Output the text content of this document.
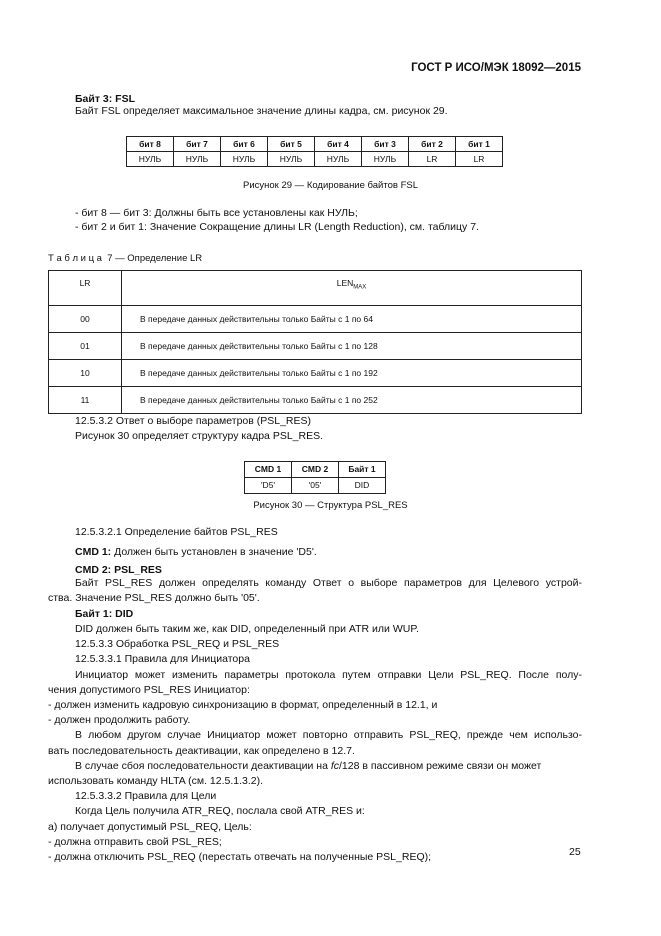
ГОСТ Р ИСО/МЭК 18092—2015
Байт 3: FSL
Байт FSL определяет максимальное значение длины кадра, см. рисунок 29.
бит 8	бит 7	бит 6	бит 5	бит 4	бит 3	бит 2	бит 1
НУЛЬ	НУЛЬ	НУЛЬ	НУЛЬ	НУЛЬ	НУЛЬ	LR	LR
Рисунок 29 — Кодирование байтов FSL
- бит 8 — бит 3: Должны быть все установлены как НУЛЬ;
- бит 2 и бит 1: Значение Сокращение длины LR (Length Reduction), см. таблицу 7.
Т а б л и ц а  7 — Определение LR
LR	$LEN_{MAX}$
00	В передаче данных действительны только Байты с 1 по 64
01	В передаче данных действительны только Байты с 1 по 128
10	В передаче данных действительны только Байты с 1 по 192
11	В передаче данных действительны только Байты с 1 по 252
12.5.3.2 Ответ о выборе параметров (PSL_RES)
Рисунок 30 определяет структуру кадра PSL_RES.
CMD 1	CMD 2	Байт 1
'D5'	'05'	DID
Рисунок 30 — Структура PSL_RES
12.5.3.2.1 Определение байтов PSL_RES
CMD 1: Должен быть установлен в значение 'D5'.
CMD 2: PSL_RES
Байт PSL_RES должен определять команду Ответ о выборе параметров для Целевого устрой-
ства. Значение PSL_RES должно быть '05'.
Байт 1: DID
DID должен быть таким же, как DID, определенный при ATR или WUP.
12.5.3.3 Обработка PSL_REQ и PSL_RES
12.5.3.3.1 Правила для Инициатора
Инициатор может изменить параметры протокола путем отправки Цели PSL_REQ. После полу-
чения допустимого PSL_RES Инициатор:
- должен изменить кадровую синхронизацию в формат, определенный в 12.1, и
- должен продолжить работу.
В любом другом случае Инициатор может повторно отправить PSL_REQ, прежде чем использо-
вать последовательность деактивации, как определено в 12.7.
В случае сбоя последовательности деактивации на fc /128 в пассивном режиме связи он может
использовать команду HLTA (см. 12.5.1.3.2).
12.5.3.3.2 Правила для Цели
Когда Цель получила ATR_REQ, послала свой ATR_RES и:
а) получает допустимый PSL_REQ, Цель:
- должна отправить свой PSL_RES;
- должна отключить PSL_REQ (перестать отвечать на полученные PSL_REQ);	25
